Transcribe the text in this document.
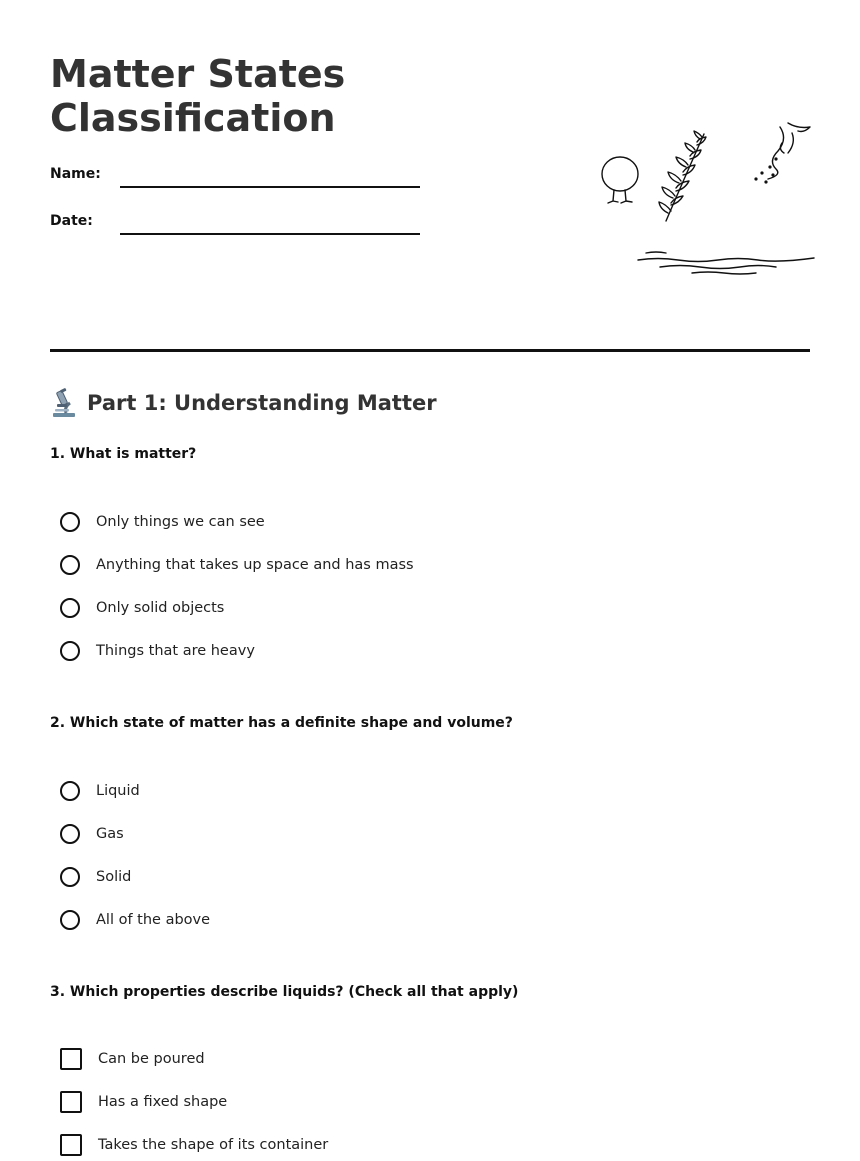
Matter States
Classification
Name:
Date:
Part 1: Understanding Matter

1. What is matter?

Only things we can see
Anything that takes up space and has mass
Only solid objects
Things that are heavy

2. Which state of matter has a definite shape and volume?

Liquid
Gas
Solid
All of the above

3. Which properties describe liquids? (Check all that apply)

Can be poured
Has a fixed shape
Takes the shape of its container
